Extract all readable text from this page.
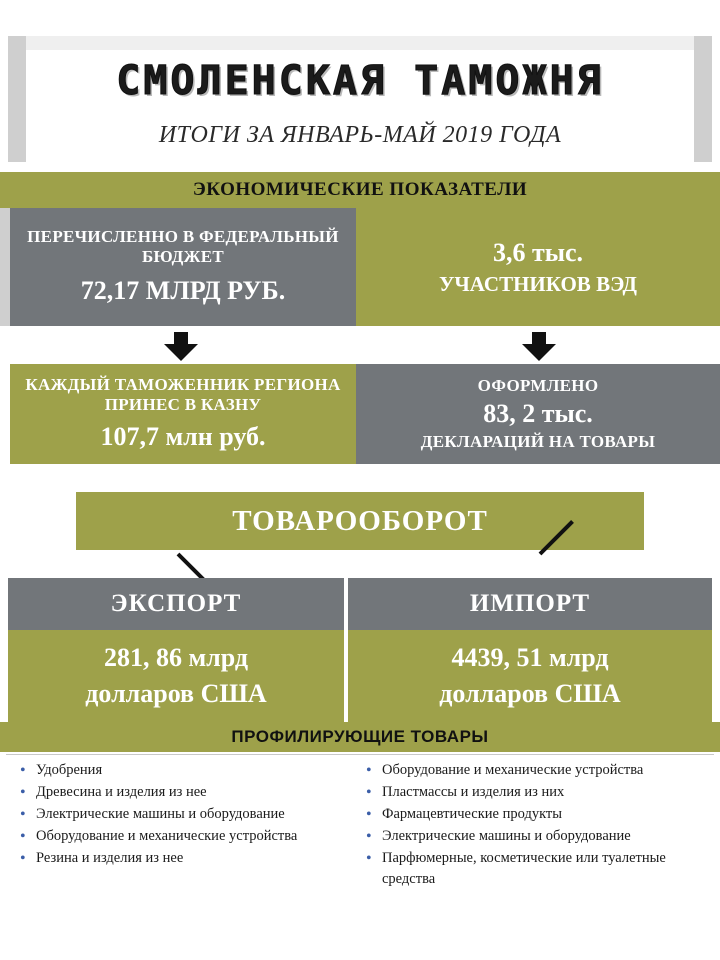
СМОЛЕНСКАЯ ТАМОЖНЯ
ИТОГИ ЗА ЯНВАРЬ-МАЙ 2019 ГОДА
ЭКОНОМИЧЕСКИЕ ПОКАЗАТЕЛИ
ПЕРЕЧИСЛЕННО В ФЕДЕРАЛЬНЫЙ БЮДЖЕТ
72,17 МЛРД РУБ.
3,6 тыс.
УЧАСТНИКОВ ВЭД
КАЖДЫЙ ТАМОЖЕННИК РЕГИОНА ПРИНЕС В КАЗНУ
107,7 млн руб.
ОФОРМЛЕНО
83, 2 тыс.
ДЕКЛАРАЦИЙ НА ТОВАРЫ
ТОВАРООБОРОТ
ЭКСПОРТ	ИМПОРТ
281, 86 млрд
долларов США
4439, 51 млрд
долларов США
ПРОФИЛИРУЮЩИЕ ТОВАРЫ
• Удобрения
• Древесина и изделия из нее
• Электрические машины и оборудование
• Оборудование и механические устройства
• Резина и изделия из нее
• Оборудование и механические устройства
• Пластмассы и изделия из них
• Фармацевтические продукты
• Электрические машины и оборудование
• Парфюмерные, косметические или туалетные средства
